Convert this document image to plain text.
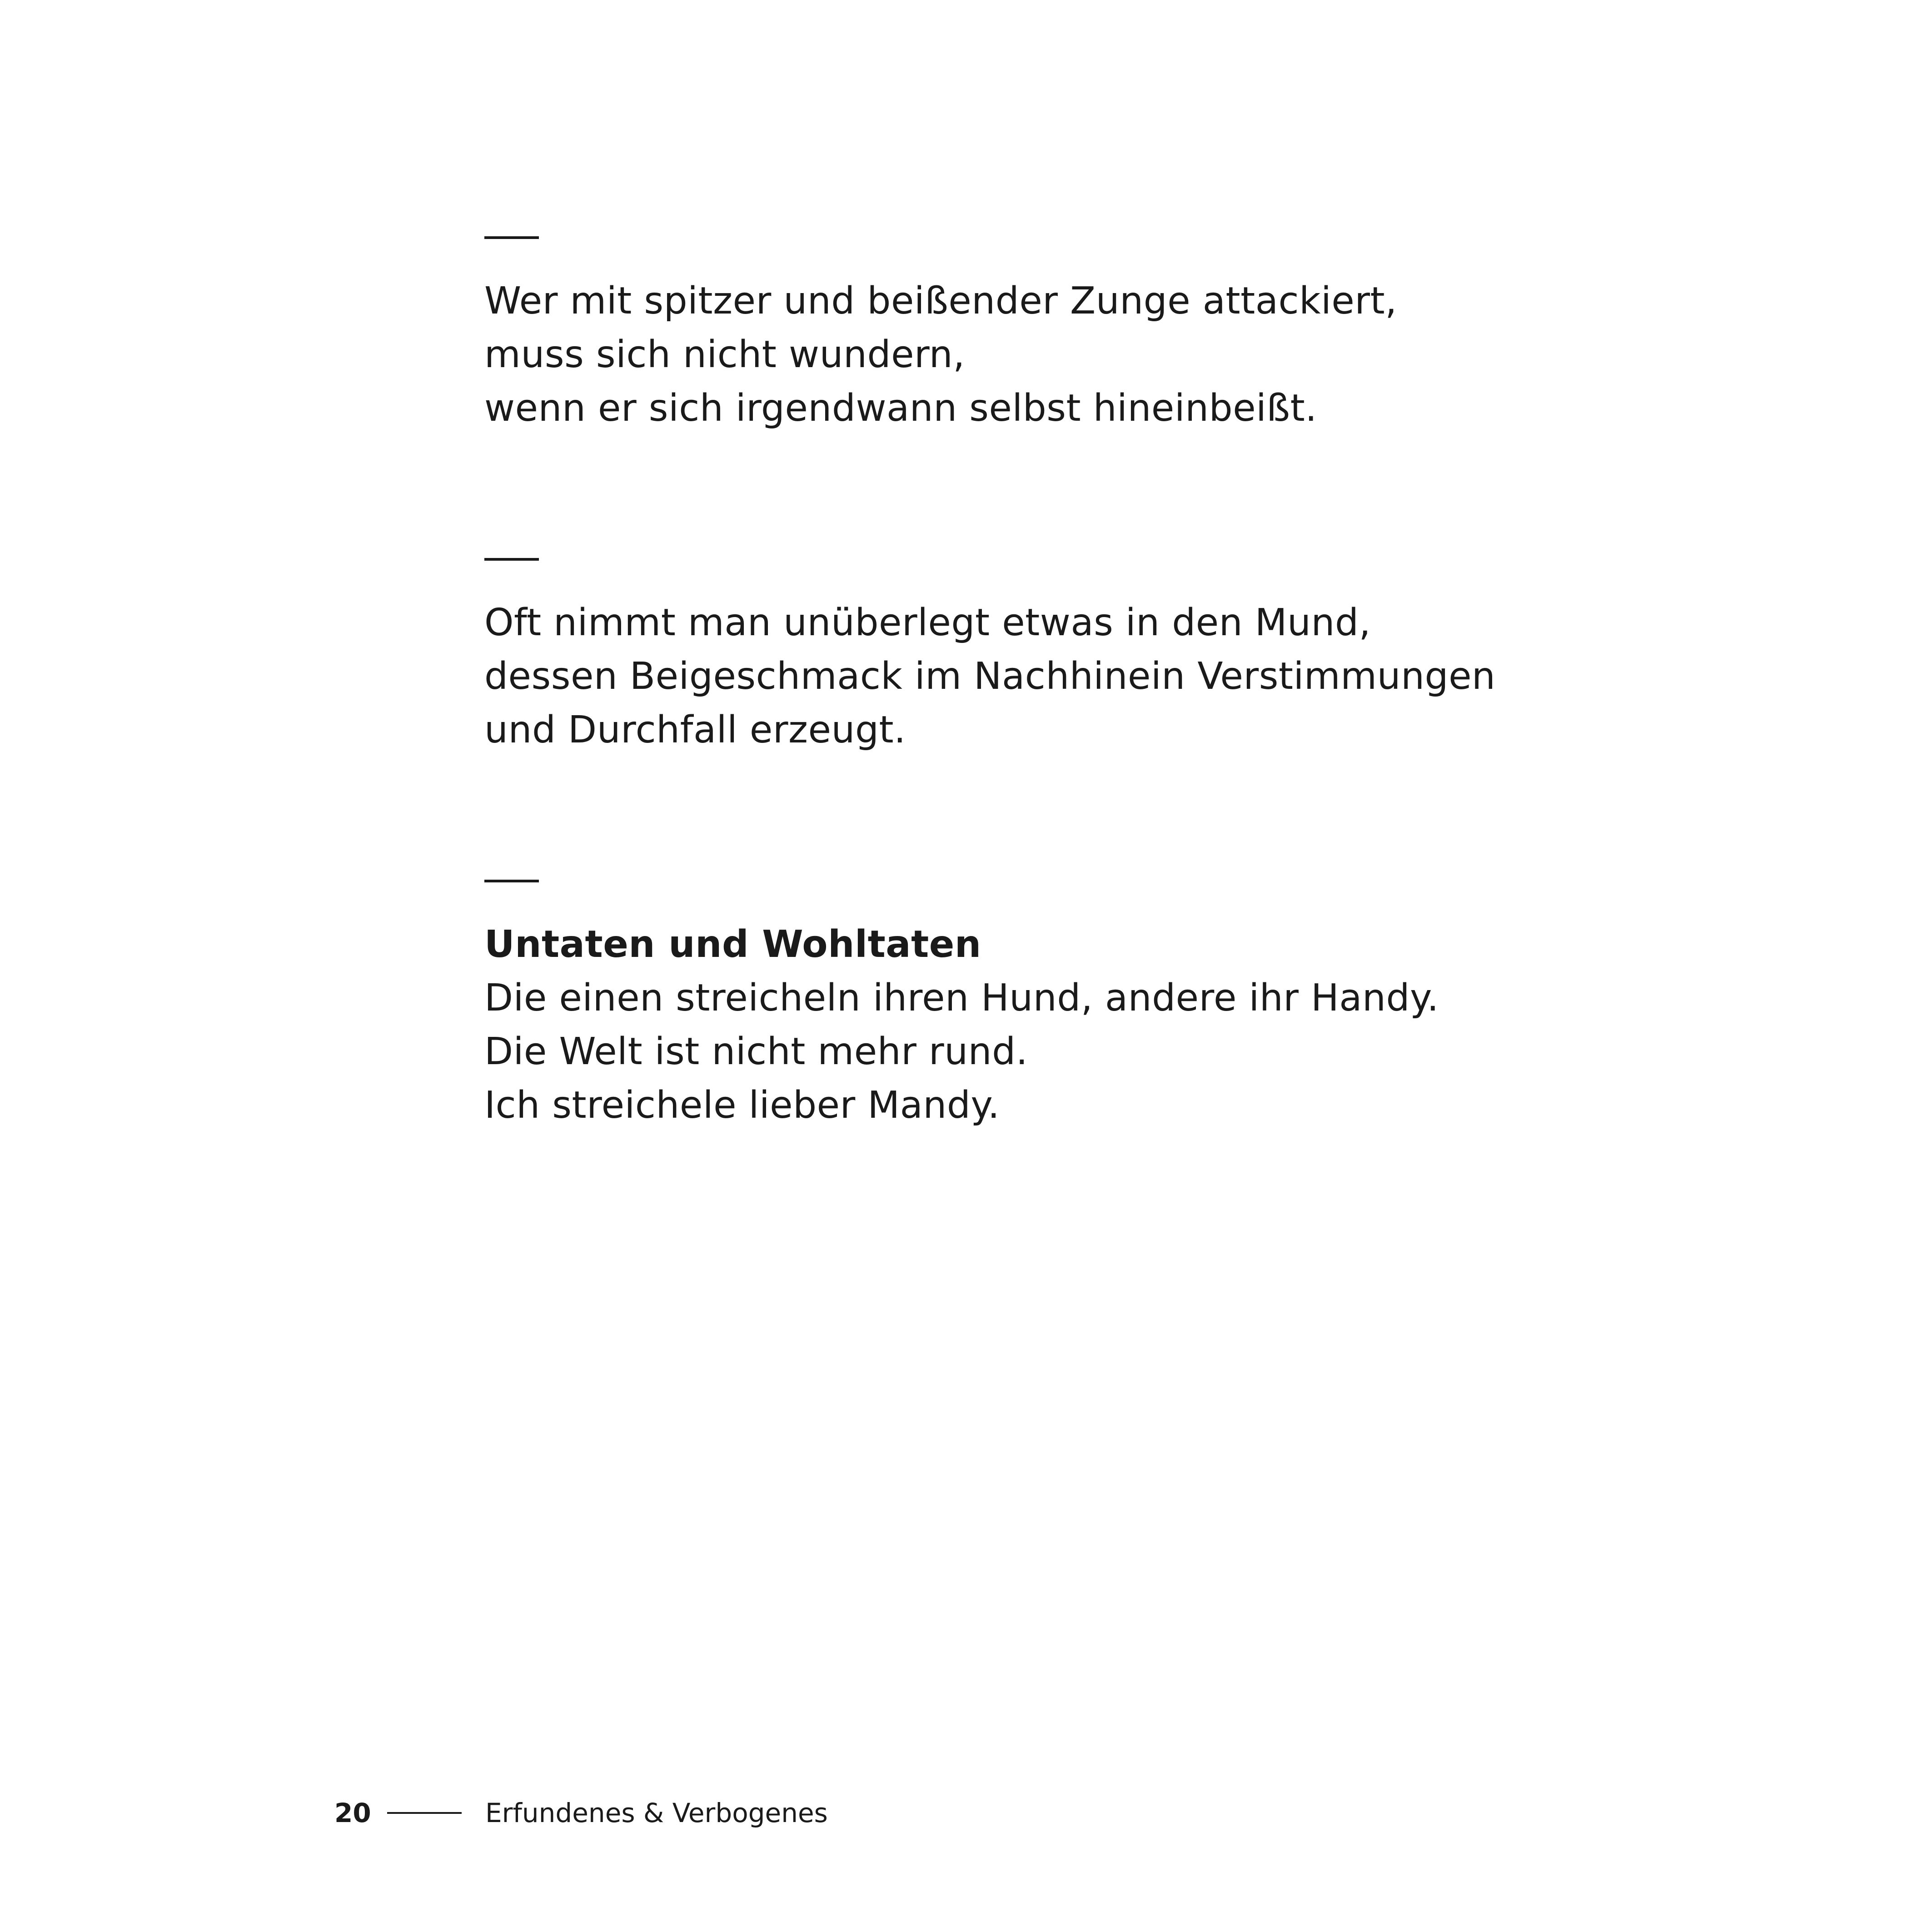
Wer mit spitzer und beißender Zunge attackiert,
muss sich nicht wundern,
wenn er sich irgendwann selbst hineinbeißt.
Oft nimmt man unüberlegt etwas in den Mund,
dessen Beigeschmack im Nachhinein Verstimmungen
und Durchfall erzeugt.
Untaten und Wohltaten
Die einen streicheln ihren Hund, andere ihr Handy.
Die Welt ist nicht mehr rund.
Ich streichele lieber Mandy.
20	Erfundenes & Verbogenes
